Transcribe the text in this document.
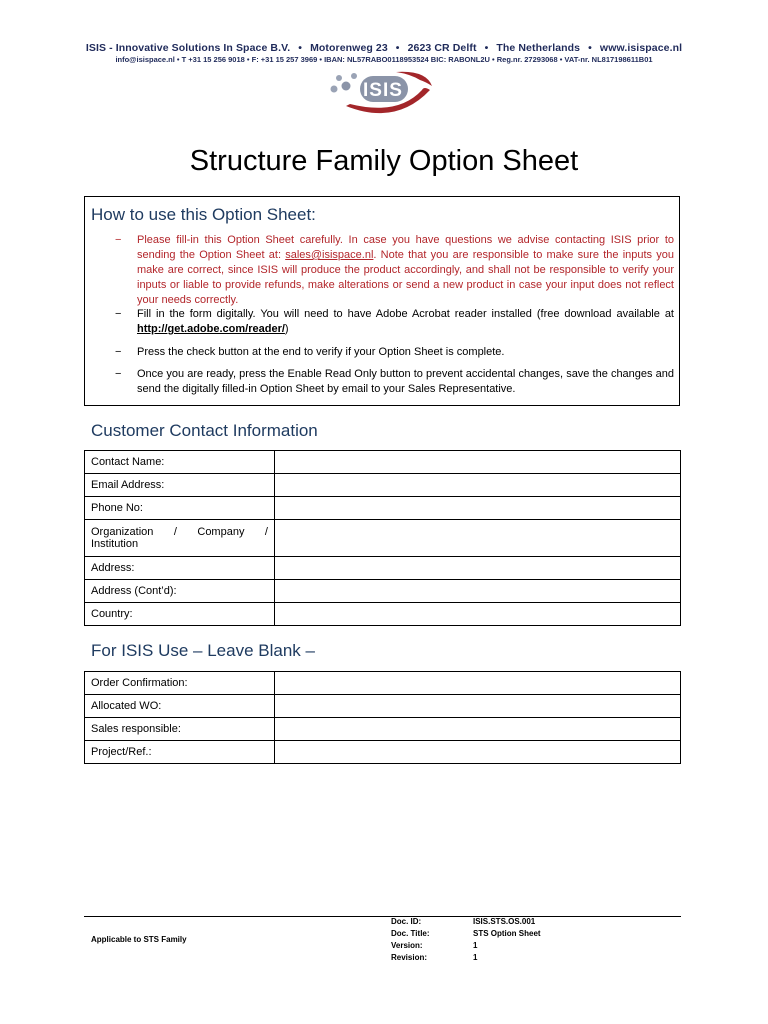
ISIS - Innovative Solutions In Space B.V. • Motorenweg 23 • 2623 CR Delft • The Netherlands • www.isispace.nl
info@isispace.nl • T +31 15 256 9018 • F: +31 15 257 3969 • IBAN: NL57RABO0118953524 BIC: RABONL2U • Reg.nr. 27293068 • VAT-nr. NL817198611B01
ISIS
Structure Family Option Sheet
How to use this Option Sheet:
− Please fill-in this Option Sheet carefully. In case you have questions we advise contacting ISIS prior to sending the Option Sheet at: sales@isispace.nl. Note that you are responsible to make sure the inputs you make are correct, since ISIS will produce the product accordingly, and shall not be responsible to verify your inputs or liable to provide refunds, make alterations or send a new product in case your input does not reflect your needs correctly.
− Fill in the form digitally. You will need to have Adobe Acrobat reader installed (free download available at http://get.adobe.com/reader/)
− Press the check button at the end to verify if your Option Sheet is complete.
− Once you are ready, press the Enable Read Only button to prevent accidental changes, save the changes and send the digitally filled-in Option Sheet by email to your Sales Representative.
Customer Contact Information
Contact Name:	
Email Address:	
Phone No:	

Organization / Company /
Institution	

Address:	
Address (Cont’d):	
Country:	
For ISIS Use – Leave Blank –
Order Confirmation:	
Allocated WO:	
Sales responsible:	
Project/Ref.:	
Applicable to STS Family
Doc. ID:	ISIS.STS.OS.001
Doc. Title:	STS Option Sheet
Version:	1
Revision:	1
